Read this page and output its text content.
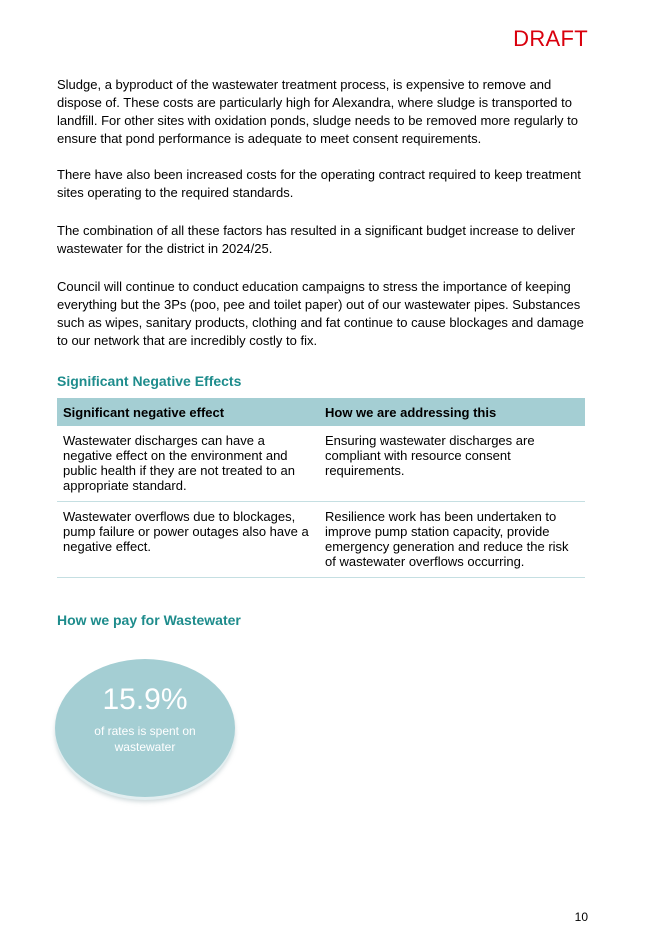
DRAFT

Sludge, a byproduct of the wastewater treatment process, is expensive to remove and dispose of. These costs are particularly high for Alexandra, where sludge is transported to landfill. For other sites with oxidation ponds, sludge needs to be removed more regularly to ensure that pond performance is adequate to meet consent requirements.

There have also been increased costs for the operating contract required to keep treatment sites operating to the required standards.

The combination of all these factors has resulted in a significant budget increase to deliver wastewater for the district in 2024/25.

Council will continue to conduct education campaigns to stress the importance of keeping everything but the 3Ps (poo, pee and toilet paper) out of our wastewater pipes. Substances such as wipes, sanitary products, clothing and fat continue to cause blockages and damage to our network that are incredibly costly to fix.

Significant Negative Effects
Significant negative effect	How we are addressing this
Wastewater discharges can have a negative effect on the environment and public health if they are not treated to an appropriate standard.	Ensuring wastewater discharges are compliant with resource consent requirements.
Wastewater overflows due to blockages, pump failure or power outages also have a negative effect.	Resilience work has been undertaken to improve pump station capacity, provide emergency generation and reduce the risk of wastewater overflows occurring.
How we pay for Wastewater
15.9%
of rates is spent on wastewater
10
